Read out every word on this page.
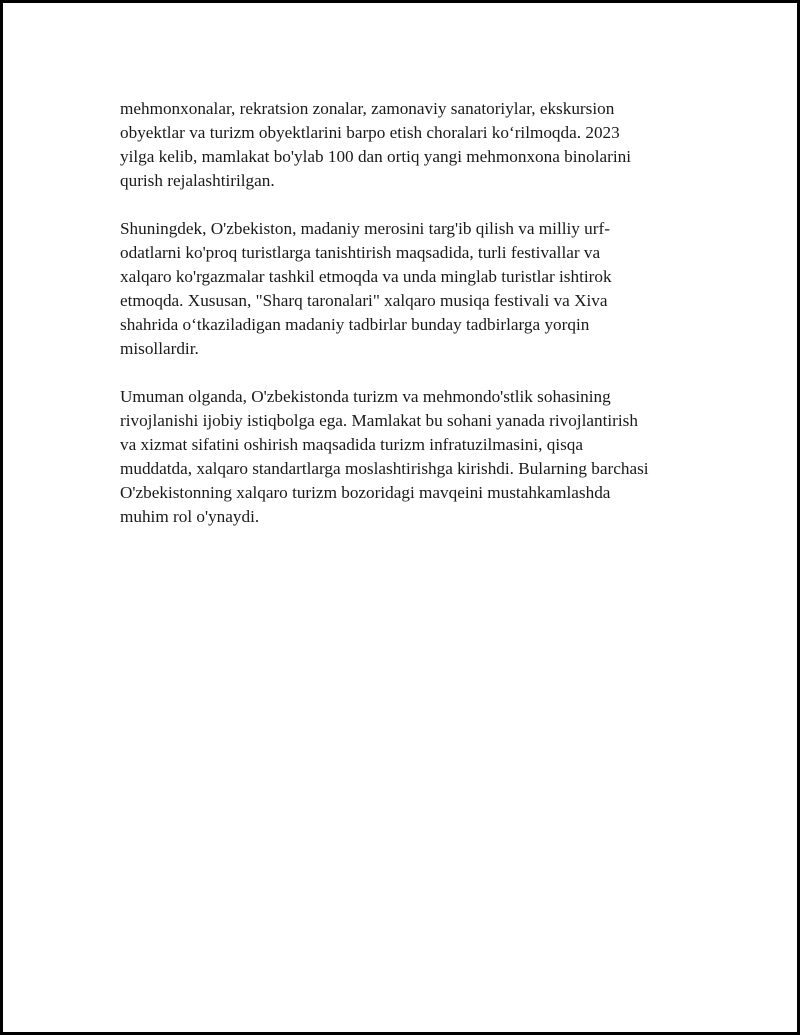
mehmonxonalar, rekratsion zonalar, zamonaviy sanatoriylar, ekskursion
obyektlar va turizm obyektlarini barpo etish choralari ko‘rilmoqda. 2023
yilga kelib, mamlakat bo'ylab 100 dan ortiq yangi mehmonxona binolarini
qurish rejalashtirilgan.

Shuningdek, O'zbekiston, madaniy merosini targ'ib qilish va milliy urf-
odatlarni ko'proq turistlarga tanishtirish maqsadida, turli festivallar va
xalqaro ko'rgazmalar tashkil etmoqda va unda minglab turistlar ishtirok
etmoqda. Xususan, "Sharq taronalari" xalqaro musiqa festivali va Xiva
shahrida o‘tkaziladigan madaniy tadbirlar bunday tadbirlarga yorqin
misollardir.

Umuman olganda, O'zbekistonda turizm va mehmondo'stlik sohasining
rivojlanishi ijobiy istiqbolga ega. Mamlakat bu sohani yanada rivojlantirish
va xizmat sifatini oshirish maqsadida turizm infratuzilmasini, qisqa
muddatda, xalqaro standartlarga moslashtirishga kirishdi. Bularning barchasi
O'zbekistonning xalqaro turizm bozoridagi mavqeini mustahkamlashda
muhim rol o'ynaydi.
